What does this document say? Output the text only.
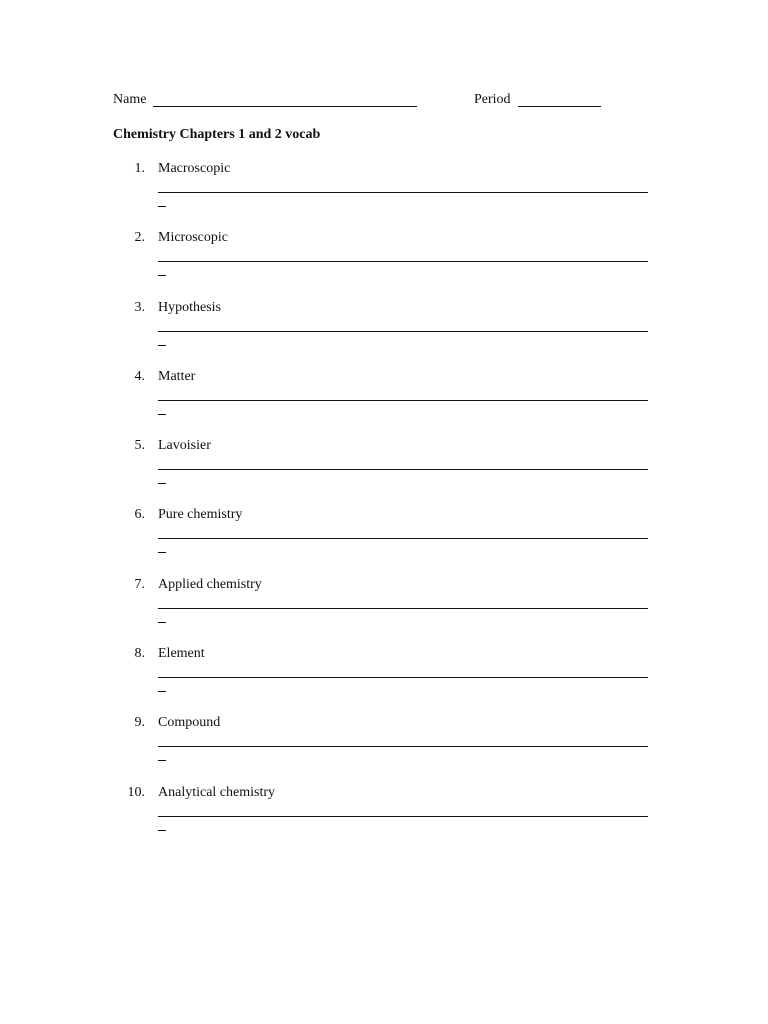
Name	Period
Chemistry Chapters 1 and 2 vocab
1. Macroscopic
2. Microscopic
3. Hypothesis
4. Matter
5. Lavoisier
6. Pure chemistry
7. Applied chemistry
8. Element
9. Compound
10. Analytical chemistry
